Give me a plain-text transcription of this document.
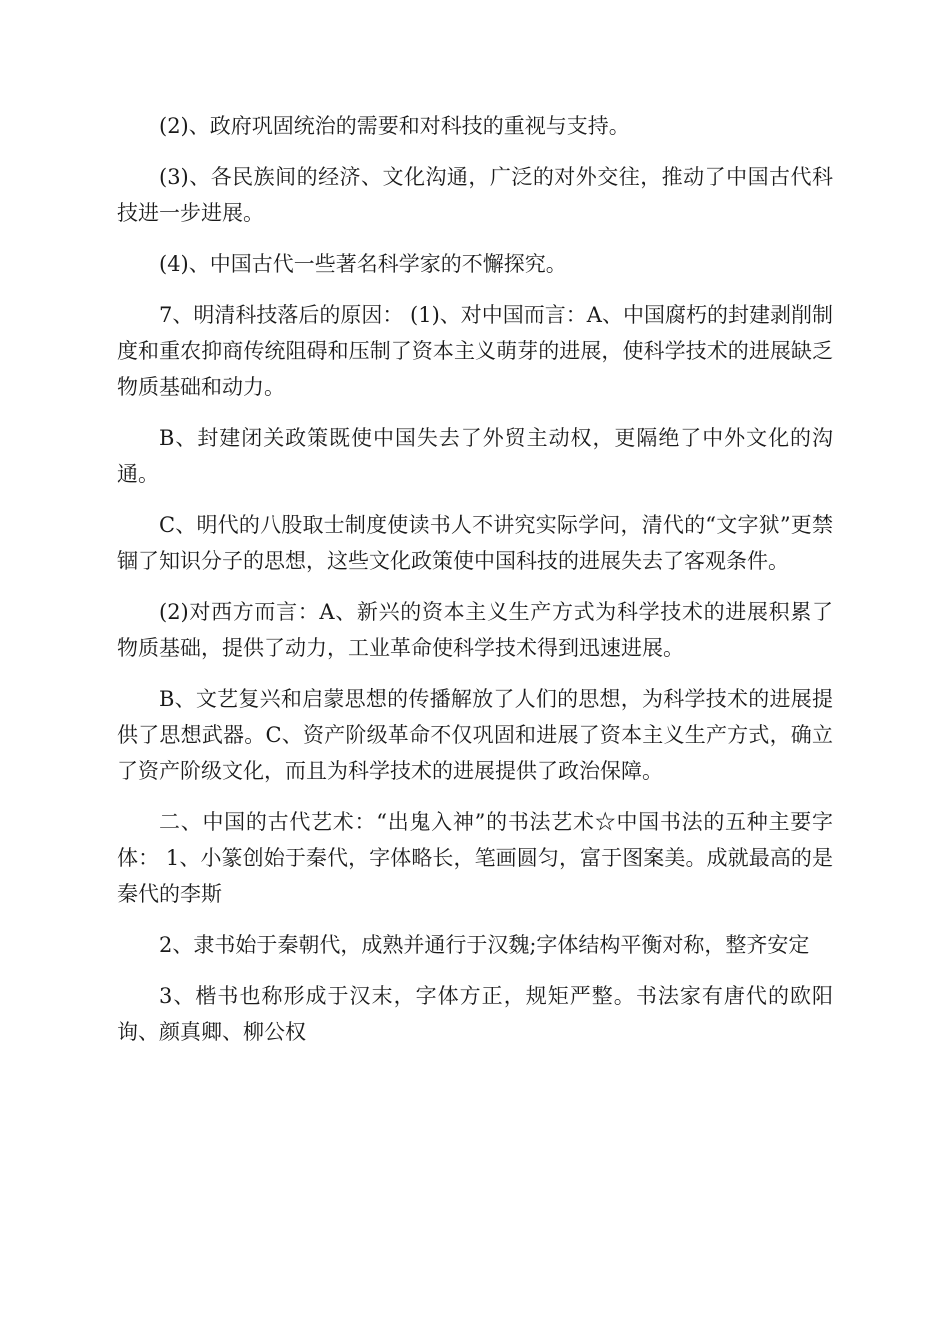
(2)、政府巩固统治的需要和对科技的重视与支持。

(3)、各民族间的经济、文化沟通，广泛的对外交往，推动了中国古代科技进一步进展。

(4)、中国古代一些著名科学家的不懈探究。

7、明清科技落后的原因： (1)、对中国而言：A、中国腐朽的封建剥削制度和重农抑商传统阻碍和压制了资本主义萌芽的进展，使科学技术的进展缺乏物质基础和动力。

B、封建闭关政策既使中国失去了外贸主动权，更隔绝了中外文化的沟通。

C、明代的八股取士制度使读书人不讲究实际学问，清代的“文字狱”更禁锢了知识分子的思想，这些文化政策使中国科技的进展失去了客观条件。

(2)对西方而言：A、新兴的资本主义生产方式为科学技术的进展积累了物质基础，提供了动力，工业革命使科学技术得到迅速进展。

B、文艺复兴和启蒙思想的传播解放了人们的思想，为科学技术的进展提供了思想武器。C、资产阶级革命不仅巩固和进展了资本主义生产方式，确立了资产阶级文化，而且为科学技术的进展提供了政治保障。

二、中国的古代艺术：“出鬼入神”的书法艺术☆中国书法的五种主要字体： 1、小篆创始于秦代，字体略长，笔画圆匀，富于图案美。成就最高的是秦代的李斯

2、隶书始于秦朝代，成熟并通行于汉魏;字体结构平衡对称，整齐安定

3、楷书也称形成于汉末，字体方正，规矩严整。书法家有唐代的欧阳询、颜真卿、柳公权
